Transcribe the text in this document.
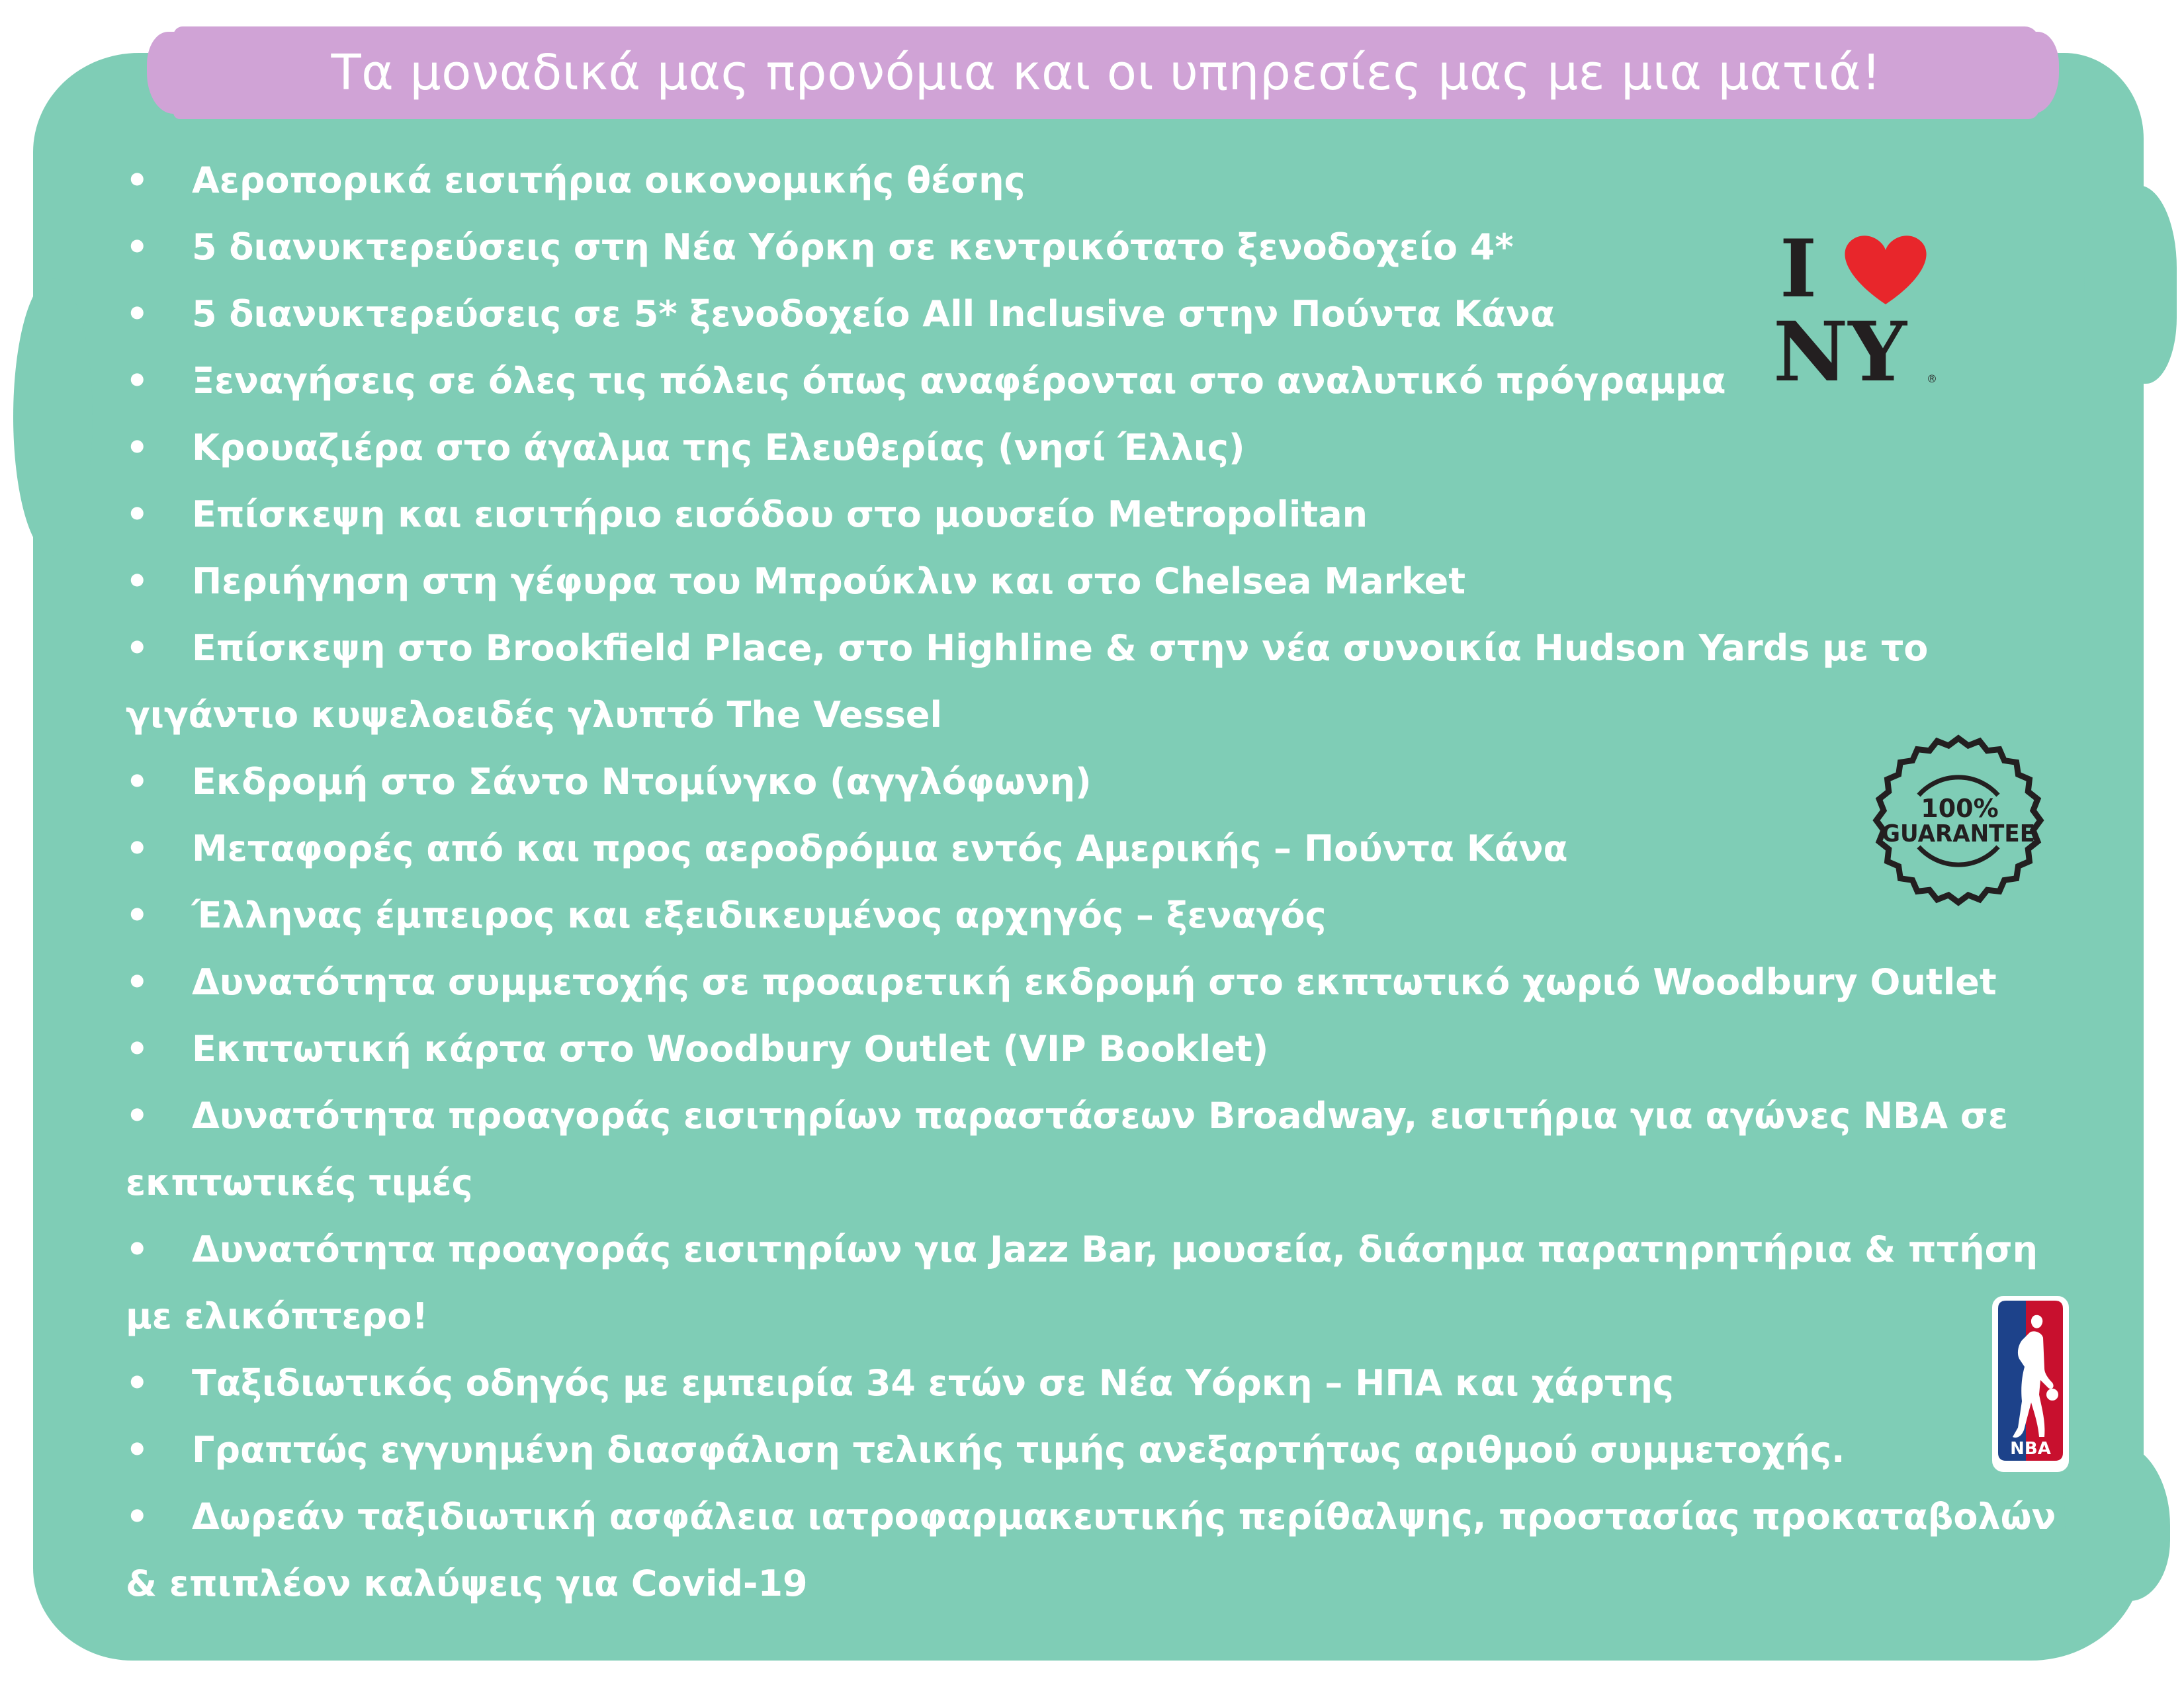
Τα μοναδικά μας προνόμια και οι υπηρεσίες μας με μια ματιά!
• Αεροπορικά εισιτήρια οικονομικής θέσης
• 5 διανυκτερεύσεις στη Νέα Υόρκη σε κεντρικότατο ξενοδοχείο 4*
• 5 διανυκτερεύσεις σε 5* ξενοδοχείο All Inclusive στην Πούντα Κάνα
• Ξεναγήσεις σε όλες τις πόλεις όπως αναφέρονται στο αναλυτικό πρόγραμμα
• Κρουαζιέρα στο άγαλμα της Ελευθερίας (νησί Έλλις)
• Επίσκεψη και εισιτήριο εισόδου στο μουσείο Metropolitan
• Περιήγηση στη γέφυρα του Μπρούκλιν και στο Chelsea Market
• Επίσκεψη στο Brookfield Place, στο Highline & στην νέα συνοικία Hudson Yards με το γιγάντιο κυψελοειδές γλυπτό The Vessel
• Εκδρομή στο Σάντο Ντομίνγκο (αγγλόφωνη)
• Μεταφορές από και προς αεροδρόμια εντός Αμερικής – Πούντα Κάνα
• Έλληνας έμπειρος και εξειδικευμένος αρχηγός – ξεναγός
• Δυνατότητα συμμετοχής σε προαιρετική εκδρομή στο εκπτωτικό χωριό Woodbury Outlet
• Εκπτωτική κάρτα στο Woodbury Outlet (VIP Booklet)
• Δυνατότητα προαγοράς εισιτηρίων παραστάσεων Broadway, εισιτήρια για αγώνες NBA σε εκπτωτικές τιμές
• Δυνατότητα προαγοράς εισιτηρίων για Jazz Bar, μουσεία, διάσημα παρατηρητήρια & πτήση με ελικόπτερο!
• Ταξιδιωτικός οδηγός με εμπειρία 34 ετών σε Νέα Υόρκη – ΗΠΑ και χάρτης
• Γραπτώς εγγυημένη διασφάλιση τελικής τιμής ανεξαρτήτως αριθμού συμμετοχής.
• Δωρεάν ταξιδιωτική ασφάλεια ιατροφαρμακευτικής περίθαλψης, προστασίας προκαταβολών & επιπλέον καλύψεις για Covid-19
I
NY ®
100%
GUARANTEE
NBA
